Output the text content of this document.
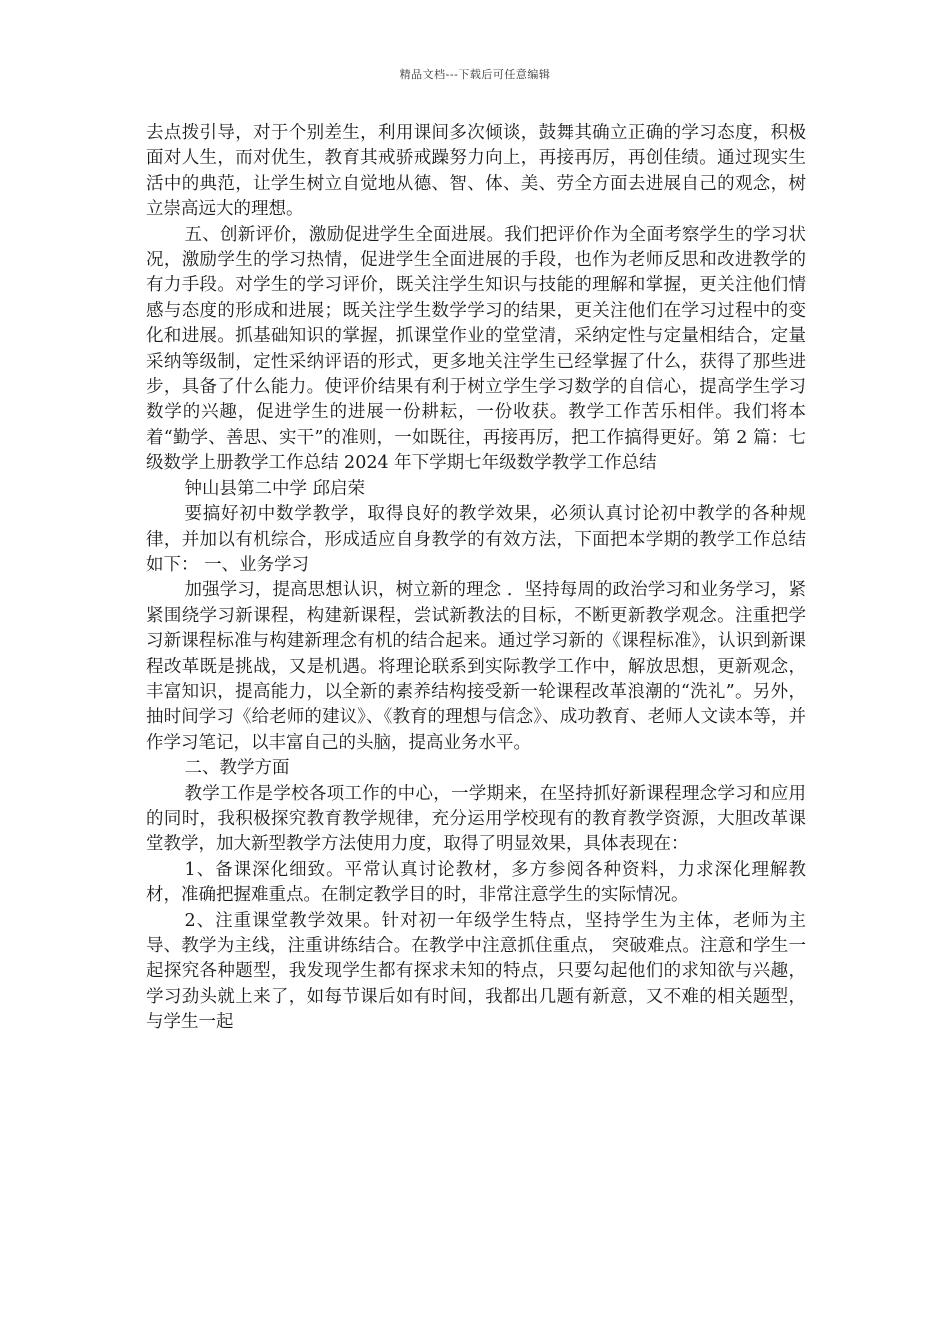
精品文档---下载后可任意编辑

去点拨引导，对于个别差生，利用课间多次倾谈，鼓舞其确立正确的学习态度，积极面对人生，而对优生，教育其戒骄戒躁努力向上，再接再厉，再创佳绩。通过现实生活中的典范，让学生树立自觉地从德、智、体、美、劳全方面去进展自己的观念，树立崇高远大的理想。

五、创新评价，激励促进学生全面进展。我们把评价作为全面考察学生的学习状况，激励学生的学习热情，促进学生全面进展的手段，也作为老师反思和改进教学的有力手段。对学生的学习评价，既关注学生知识与技能的理解和掌握，更关注他们情感与态度的形成和进展；既关注学生数学学习的结果，更关注他们在学习过程中的变化和进展。抓基础知识的掌握，抓课堂作业的堂堂清，采纳定性与定量相结合，定量采纳等级制，定性采纳评语的形式，更多地关注学生已经掌握了什么，获得了那些进步，具备了什么能力。使评价结果有利于树立学生学习数学的自信心，提高学生学习数学的兴趣，促进学生的进展一份耕耘，一份收获。教学工作苦乐相伴。我们将本着“勤学、善思、实干”的准则，一如既往，再接再厉，把工作搞得更好。第 2 篇：七级数学上册教学工作总结 2024 年下学期七年级数学教学工作总结

钟山县第二中学 邱启荣

要搞好初中数学教学，取得良好的教学效果，必须认真讨论初中教学的各种规律，并加以有机综合，形成适应自身教学的有效方法，下面把本学期的教学工作总结如下： 一、业务学习

加强学习，提高思想认识，树立新的理念 ．坚持每周的政治学习和业务学习，紧紧围绕学习新课程，构建新课程，尝试新教法的目标，不断更新教学观念。注重把学习新课程标准与构建新理念有机的结合起来。通过学习新的《课程标准》，认识到新课程改革既是挑战，又是机遇。将理论联系到实际教学工作中，解放思想，更新观念，丰富知识，提高能力，以全新的素养结构接受新一轮课程改革浪潮的“洗礼”。另外，抽时间学习《给老师的建议》、《教育的理想与信念》、成功教育、老师人文读本等，并作学习笔记，以丰富自己的头脑，提高业务水平。

二、教学方面

教学工作是学校各项工作的中心，一学期来，在坚持抓好新课程理念学习和应用的同时，我积极探究教育教学规律，充分运用学校现有的教育教学资源，大胆改革课堂教学，加大新型教学方法使用力度，取得了明显效果，具体表现在：

1、备课深化细致。平常认真讨论教材，多方参阅各种资料，力求深化理解教材，准确把握难重点。在制定教学目的时，非常注意学生的实际情况。

2、注重课堂教学效果。针对初一年级学生特点，坚持学生为主体，老师为主导、教学为主线，注重讲练结合。在教学中注意抓住重点， 突破难点。注意和学生一起探究各种题型，我发现学生都有探求未知的特点，只要勾起他们的求知欲与兴趣，学习劲头就上来了，如每节课后如有时间，我都出几题有新意，又不难的相关题型，与学生一起
